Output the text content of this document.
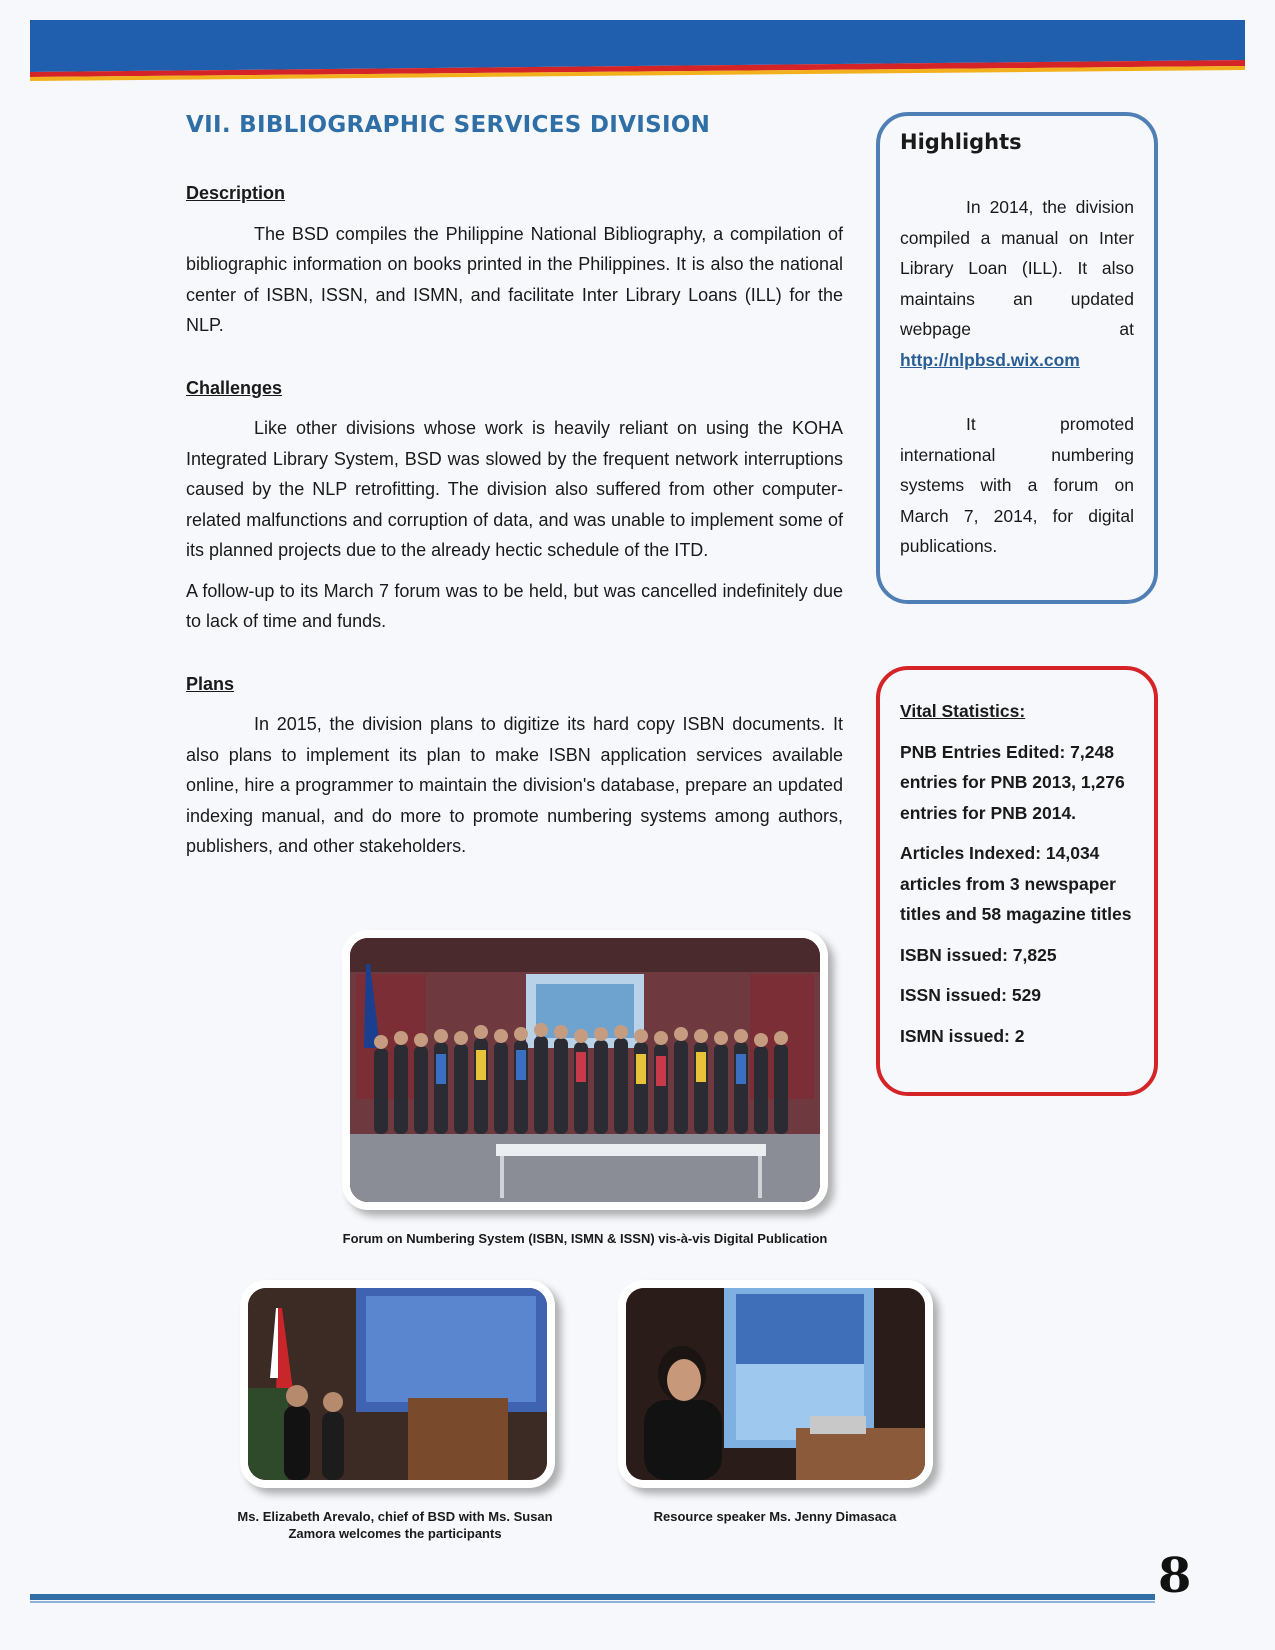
VII. BIBLIOGRAPHIC SERVICES DIVISION
Description

The BSD compiles the Philippine National Bibliography, a compilation of bibliographic information on books printed in the Philippines. It is also the national center of ISBN, ISSN, and ISMN, and facilitate Inter Library Loans (ILL) for the NLP.

Challenges

Like other divisions whose work is heavily reliant on using the KOHA Integrated Library System, BSD was slowed by the frequent network interruptions caused by the NLP retrofitting. The division also suffered from other computer-related malfunctions and corruption of data, and was unable to implement some of its planned projects due to the already hectic schedule of the ITD.

A follow-up to its March 7 forum was to be held, but was cancelled indefinitely due to lack of time and funds.

Plans

In 2015, the division plans to digitize its hard copy ISBN documents. It also plans to implement its plan to make ISBN application services available online, hire a programmer to maintain the division's database, prepare an updated indexing manual, and do more to promote numbering systems among authors, publishers, and other stakeholders.

Highlights

In 2014, the division compiled a manual on Inter Library Loan (ILL). It also maintains an updated webpage at http://nlpbsd.wix.com

It promoted international numbering systems with a forum on March 7, 2014, for digital publications.

Vital Statistics:

PNB Entries Edited: 7,248 entries for PNB 2013, 1,276 entries for PNB 2014.

Articles Indexed: 14,034 articles from 3 newspaper titles and 58 magazine titles

ISBN issued: 7,825

ISSN issued: 529

ISMN issued: 2

Forum on Numbering System (ISBN, ISMN & ISSN) vis-à-vis Digital Publication
Ms. Elizabeth Arevalo, chief of BSD with Ms. Susan Zamora welcomes the participants
Resource speaker Ms. Jenny Dimasaca
8
